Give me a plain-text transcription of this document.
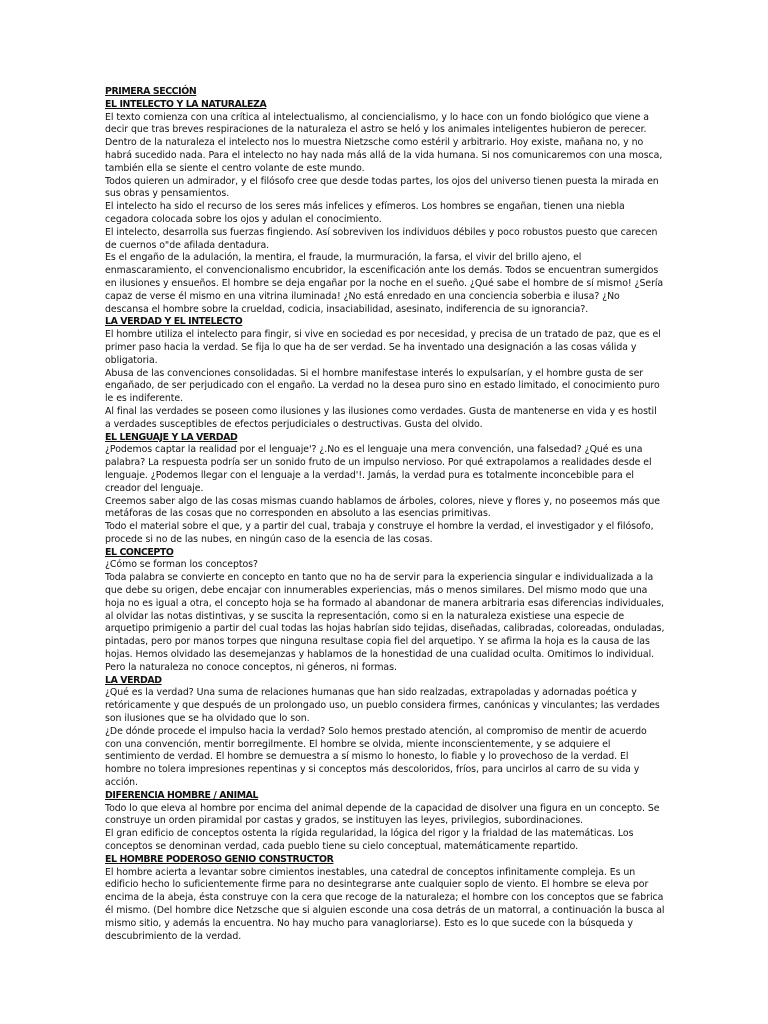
PRIMERA SECCIÓN
EL INTELECTO Y LA NATURALEZA
El texto comienza con una crítica al intelectualismo, al conciencialismo, y lo hace con un fondo biológico que viene a decir que tras breves respiraciones de la naturaleza el astro se heló y los animales inteligentes hubieron de perecer.
Dentro de la naturaleza el intelecto nos lo muestra Nietzsche como estéril y arbitrario. Hoy existe, mañana no, y no habrá sucedido nada. Para el intelecto no hay nada más allá de la vida humana. Si nos comunicaremos con una mosca, también ella se siente el centro volante de este mundo.
Todos quieren un admirador, y el filósofo cree que desde todas partes, los ojos del universo tienen puesta la mirada en sus obras y pensamientos.
El intelecto ha sido el recurso de los seres más infelices y efímeros. Los hombres se engañan, tienen una niebla cegadora colocada sobre los ojos y adulan el conocimiento.
El intelecto, desarrolla sus fuerzas fingiendo. Así sobreviven los individuos débiles y poco robustos puesto que carecen de cuernos o"de afilada dentadura.
Es el engaño de la adulación, la mentira, el fraude, la murmuración, la farsa, el vivir del brillo ajeno, el enmascaramiento, el convencionalismo encubridor, la escenificación ante los demás. Todos se encuentran sumergidos en ilusiones y ensueños. El hombre se deja engañar por la noche en el sueño. ¿Qué sabe el hombre de sí mismo! ¿Sería capaz de verse él mismo en una vitrina iluminada! ¿No está enredado en una conciencia soberbia e ilusa? ¿No descansa el hombre sobre la crueldad, codicia, insaciabilidad, asesinato, indiferencia de su ignorancia?.
LA VERDAD Y EL INTELECTO
El hombre utiliza el intelecto para fingir, si vive en sociedad es por necesidad, y precisa de un tratado de paz, que es el primer paso hacia la verdad. Se fija lo que ha de ser verdad. Se ha inventado una designación a las cosas válida y obligatoria.
Abusa de las convenciones consolidadas. Si el hombre manifestase interés lo expulsarían, y el hombre gusta de ser engañado, de ser perjudicado con el engaño. La verdad no la desea puro sino en estado limitado, el conocimiento puro le es indiferente.
Al final las verdades se poseen como ilusiones y las ilusiones como verdades. Gusta de mantenerse en vida y es hostil a verdades susceptibles de efectos perjudiciales o destructivas. Gusta del olvido.
EL LENGUAJE Y LA VERDAD
¿Podemos captar la realidad por el lenguaje'? ¿.No es el lenguaje una mera convención, una falsedad? ¿Qué es una palabra? La respuesta podría ser un sonido fruto de un impulso nervioso. Por qué extrapolamos a realidades desde el lenguaje. ¿Podemos llegar con el lenguaje a la verdad'!. Jamás, la verdad pura es totalmente inconcebible para el creador del lenguaje.
Creemos saber algo de las cosas mismas cuando hablamos de árboles, colores, nieve y flores y, no poseemos más que metáforas de las cosas que no corresponden en absoluto a las esencias primitivas.
Todo el material sobre el que, y a partir del cual, trabaja y construye el hombre la verdad, el investigador y el filósofo, procede si no de las nubes, en ningún caso de la esencia de las cosas.
EL CONCEPTO
¿Cómo se forman los conceptos?
Toda palabra se convierte en concepto en tanto que no ha de servir para la experiencia singular e individualizada a la que debe su origen, debe encajar con innumerables experiencias, más o menos similares. Del mismo modo que una hoja no es igual a otra, el concepto hoja se ha formado al abandonar de manera arbitraria esas diferencias individuales, al olvidar las notas distintivas, y se suscita la representación, como si en la naturaleza existiese una especie de arquetipo primigenio a partir del cual todas las hojas habrían sido tejidas, diseñadas, calibradas, coloreadas, onduladas, pintadas, pero por manos torpes que ninguna resultase copia fiel del arquetipo. Y se afirma la hoja es la causa de las hojas. Hemos olvidado las desemejanzas y hablamos de la honestidad de una cualidad oculta. Omitimos lo individual.
Pero la naturaleza no conoce conceptos, ni géneros, ni formas.
LA VERDAD
¿Qué es la verdad? Una suma de relaciones humanas que han sido realzadas, extrapoladas y adornadas poética y retóricamente y que después de un prolongado uso, un pueblo considera firmes, canónicas y vinculantes; las verdades son ilusiones que se ha olvidado que lo son.
¿De dónde procede el impulso hacia la verdad? Solo hemos prestado atención, al compromiso de mentir de acuerdo con una convención, mentir borregilmente. El hombre se olvida, miente inconscientemente, y se adquiere el sentimiento de verdad. El hombre se demuestra a sí mismo lo honesto, lo fiable y lo provechoso de la verdad. El hombre no tolera impresiones repentinas y si conceptos más descoloridos, fríos, para uncirlos al carro de su vida y acción.
DIFERENCIA HOMBRE / ANIMAL
Todo lo que eleva al hombre por encima del animal depende de la capacidad de disolver una figura en un concepto. Se construye un orden piramidal por castas y grados, se instituyen las leyes, privilegios, subordinaciones.
El gran edificio de conceptos ostenta la rígida regularidad, la lógica del rigor y la frialdad de las matemáticas. Los conceptos se denominan verdad, cada pueblo tiene su cielo conceptual, matemáticamente repartido.
EL HOMBRE PODEROSO GENIO CONSTRUCTOR
El hombre acierta a levantar sobre cimientos inestables, una catedral de conceptos infinitamente compleja. Es un edificio hecho lo suficientemente firme para no desintegrarse ante cualquier soplo de viento. El hombre se eleva por encima de la abeja, ésta construye con la cera que recoge de la naturaleza; el hombre con los conceptos que se fabrica él mismo. (Del hombre dice Netzsche que si alguien esconde una cosa detrás de un matorral, a continuación la busca al mismo sitio, y además la encuentra. No hay mucho para vanagloriarse). Esto es lo que sucede con la búsqueda y descubrimiento de la verdad.
